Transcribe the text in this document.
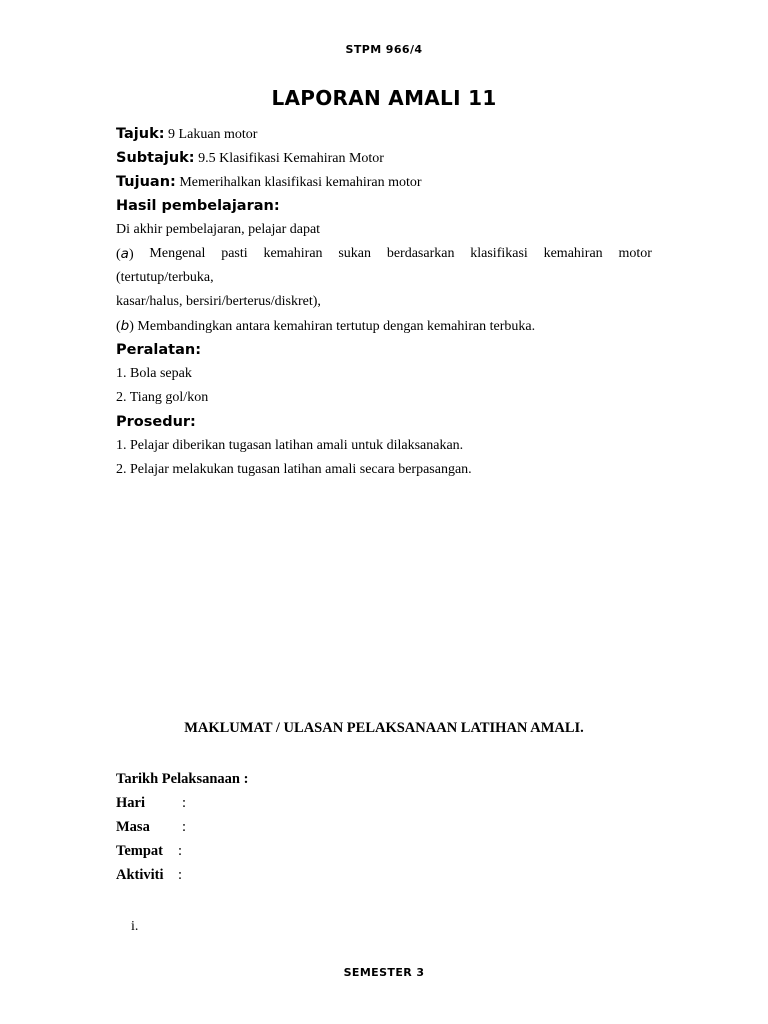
STPM 966/4
LAPORAN AMALI 11
Tajuk: 9 Lakuan motor
Subtajuk: 9.5 Klasifikasi Kemahiran Motor
Tujuan: Memerihalkan klasifikasi kemahiran motor
Hasil pembelajaran:
Di akhir pembelajaran, pelajar dapat
(a) Mengenal pasti kemahiran sukan berdasarkan klasifikasi kemahiran motor
(tertutup/terbuka,
kasar/halus, bersiri/berterus/diskret),
(b) Membandingkan antara kemahiran tertutup dengan kemahiran terbuka.
Peralatan:
1. Bola sepak
2. Tiang gol/kon
Prosedur:
1. Pelajar diberikan tugasan latihan amali untuk dilaksanakan.
2. Pelajar melakukan tugasan latihan amali secara berpasangan.
MAKLUMAT / ULASAN PELAKSANAAN LATIHAN AMALI.
Tarikh Pelaksanaan :
Hari	:
Masa :
Tempat :
Aktiviti :
i.
SEMESTER 3
